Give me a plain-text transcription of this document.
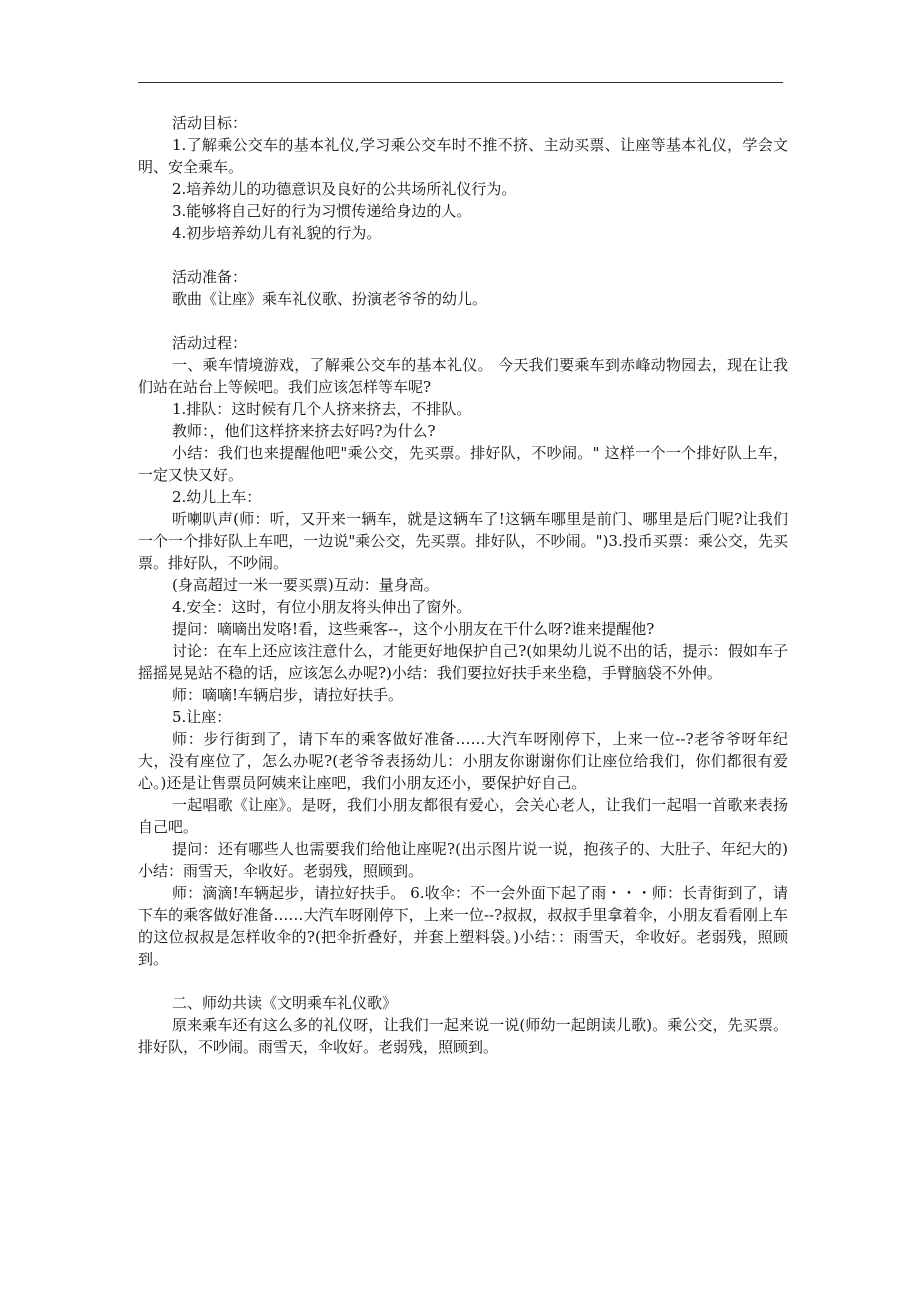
活动目标：

1.了解乘公交车的基本礼仪,学习乘公交车时不推不挤、主动买票、让座等基本礼仪，学会文明、安全乘车。

2.培养幼儿的功德意识及良好的公共场所礼仪行为。

3.能够将自己好的行为习惯传递给身边的人。

4.初步培养幼儿有礼貌的行为。

活动准备：

歌曲《让座》乘车礼仪歌、扮演老爷爷的幼儿。

活动过程：

一、乘车情境游戏，了解乘公交车的基本礼仪。 今天我们要乘车到赤峰动物园去，现在让我们站在站台上等候吧。我们应该怎样等车呢?

1.排队：这时候有几个人挤来挤去，不排队。

教师：，他们这样挤来挤去好吗?为什么?

小结：我们也来提醒他吧"乘公交，先买票。排好队，不吵闹。" 这样一个一个排好队上车，一定又快又好。

2.幼儿上车：

听喇叭声(师：听，又开来一辆车，就是这辆车了!这辆车哪里是前门、哪里是后门呢?让我们一个一个排好队上车吧，一边说"乘公交，先买票。排好队，不吵闹。")3.投币买票：乘公交，先买票。排好队，不吵闹。

(身高超过一米一要买票)互动：量身高。

4.安全：这时，有位小朋友将头伸出了窗外。

提问：嘀嘀出发咯!看，这些乘客--，这个小朋友在干什么呀?谁来提醒他?

讨论：在车上还应该注意什么，才能更好地保护自己?(如果幼儿说不出的话，提示：假如车子摇摇晃晃站不稳的话，应该怎么办呢?)小结：我们要拉好扶手来坐稳，手臂脑袋不外伸。

师：嘀嘀!车辆启步，请拉好扶手。

5.让座：

师：步行街到了，请下车的乘客做好准备……大汽车呀刚停下，上来一位--?老爷爷呀年纪大，没有座位了，怎么办呢?(老爷爷表扬幼儿：小朋友你谢谢你们让座位给我们，你们都很有爱心。)还是让售票员阿姨来让座吧，我们小朋友还小，要保护好自己。

一起唱歌《让座》。是呀，我们小朋友都很有爱心，会关心老人，让我们一起唱一首歌来表扬自己吧。

提问：还有哪些人也需要我们给他让座呢?(出示图片说一说，抱孩子的、大肚子、年纪大的)小结：雨雪天，伞收好。老弱残，照顾到。

师：滴滴!车辆起步，请拉好扶手。 6.收伞：不一会外面下起了雨・・・师：长青街到了，请下车的乘客做好准备……大汽车呀刚停下，上来一位--?叔叔，叔叔手里拿着伞，小朋友看看刚上车的这位叔叔是怎样收伞的?(把伞折叠好，并套上塑料袋。)小结：：雨雪天，伞收好。老弱残，照顾到。

二、师幼共读《文明乘车礼仪歌》

原来乘车还有这么多的礼仪呀，让我们一起来说一说(师幼一起朗读儿歌)。乘公交，先买票。排好队，不吵闹。雨雪天，伞收好。老弱残，照顾到。
